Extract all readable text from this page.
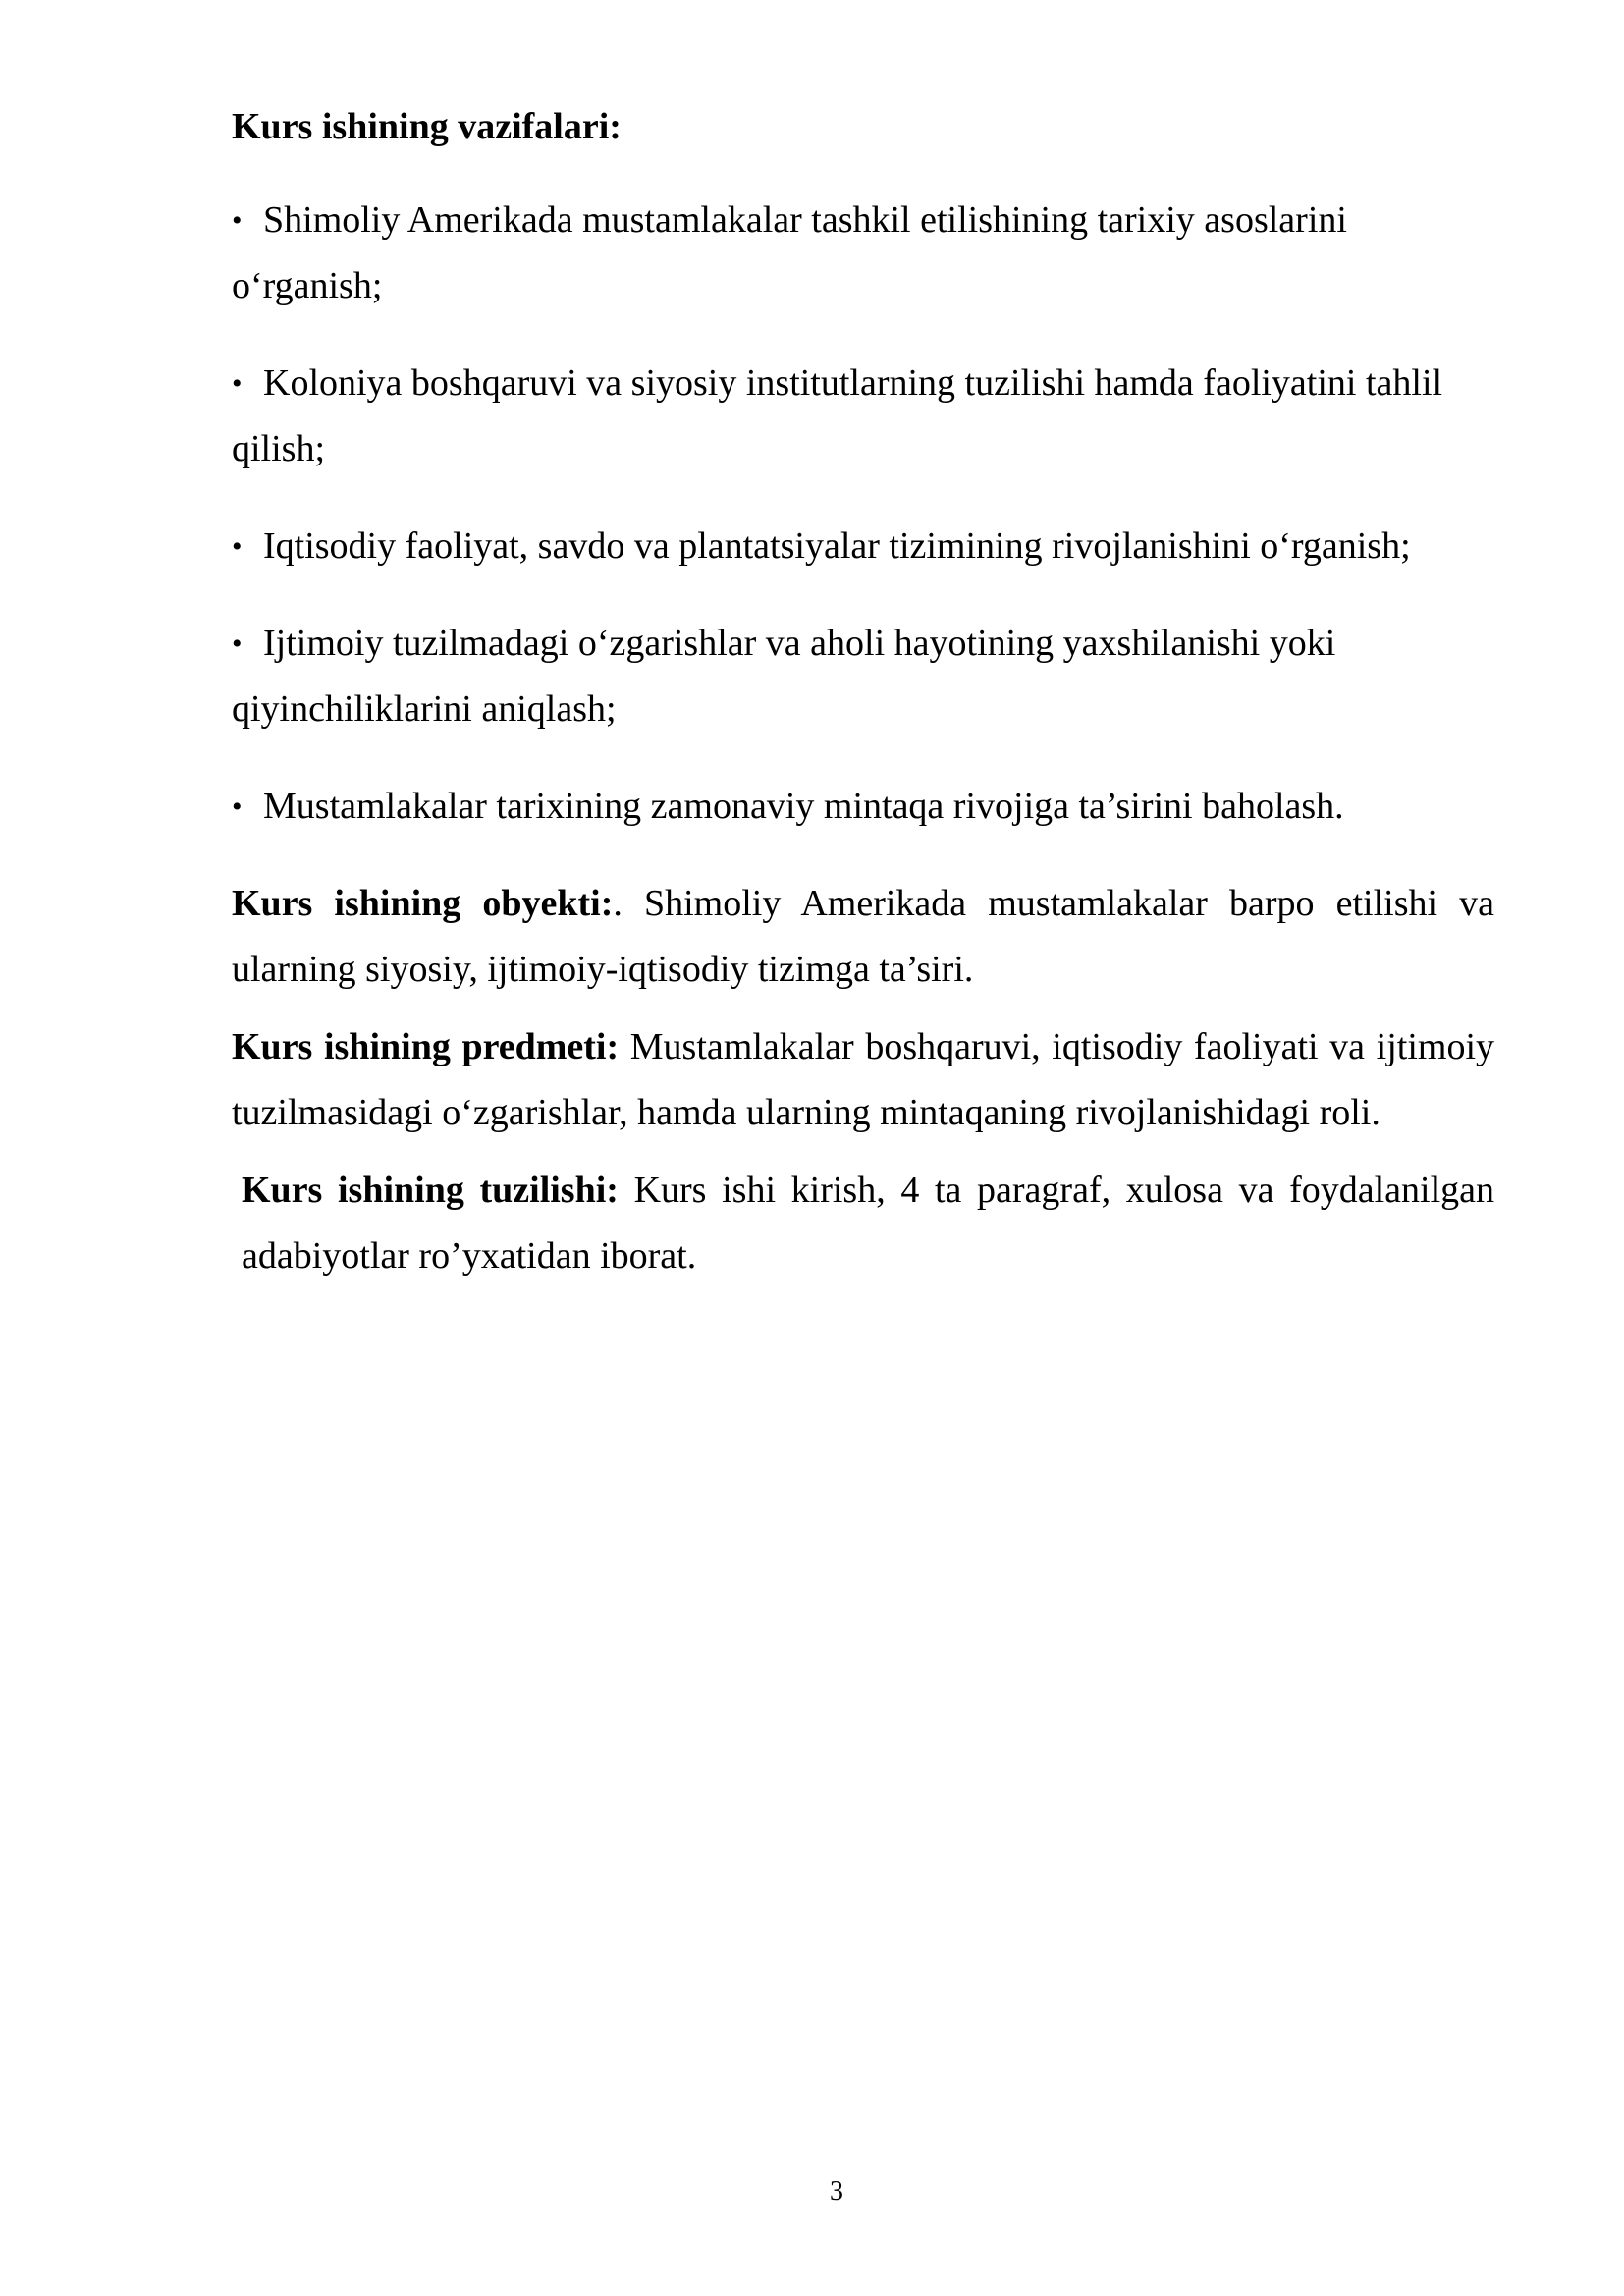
Kurs ishining vazifalari:

• Shimoliy Amerikada mustamlakalar tashkil etilishining tarixiy asoslarini o‘rganish;
• Koloniya boshqaruvi va siyosiy institutlarning tuzilishi hamda faoliyatini tahlil qilish;
• Iqtisodiy faoliyat, savdo va plantatsiyalar tizimining rivojlanishini o‘rganish;
• Ijtimoiy tuzilmadagi o‘zgarishlar va aholi hayotining yaxshilanishi yoki qiyinchiliklarini aniqlash;
• Mustamlakalar tarixining zamonaviy mintaqa rivojiga ta’sirini baholash.

Kurs ishining obyekti:. Shimoliy Amerikada mustamlakalar barpo etilishi va ularning siyosiy, ijtimoiy-iqtisodiy tizimga ta’siri.

Kurs ishining predmeti: Mustamlakalar boshqaruvi, iqtisodiy faoliyati va ijtimoiy tuzilmasidagi o‘zgarishlar, hamda ularning mintaqaning rivojlanishidagi roli.

Kurs ishining tuzilishi: Kurs ishi kirish, 4 ta paragraf, xulosa va foydalanilgan adabiyotlar ro’yxatidan iborat.

3
